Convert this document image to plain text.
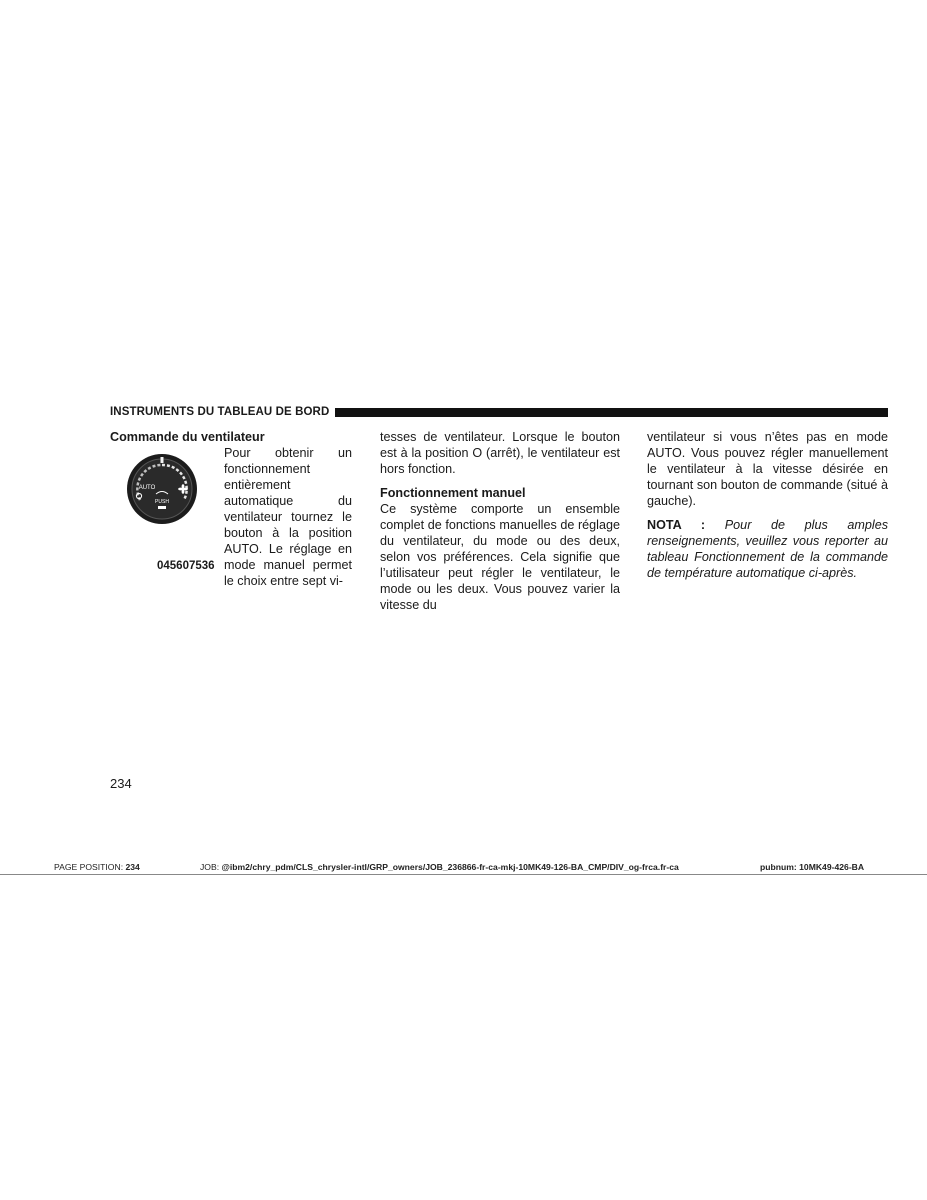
INSTRUMENTS DU TABLEAU DE BORD
Commande du ventilateur
AUTO
PUSH
045607536

Pour obtenir un fonctionnement entièrement automatique du ventilateur tournez le bouton à la position AUTO. Le réglage en mode manuel permet le choix entre sept vi-

tesses de ventilateur. Lorsque le bouton est à la position O (arrêt), le ventilateur est hors fonction.

Fonctionnement manuel

Ce système comporte un ensemble complet de fonctions manuelles de réglage du ventilateur, du mode ou des deux, selon vos préférences. Cela signifie que l’utilisateur peut régler le ventilateur, le mode ou les deux. Vous pouvez varier la vitesse du

ventilateur si vous n’êtes pas en mode AUTO. Vous pouvez régler manuellement le ventilateur à la vitesse désirée en tournant son bouton de commande (situé à gauche).

NOTA : Pour de plus amples renseignements, veuillez vous reporter au tableau Fonctionnement de la commande de température automatique ci-après.

234
PAGE POSITION: 234	JOB: @ibm2/chry_pdm/CLS_chrysler-intl/GRP_owners/JOB_236866-fr-ca-mkj-10MK49-126-BA_CMP/DIV_og-frca.fr-ca	pubnum: 10MK49-426-BA
